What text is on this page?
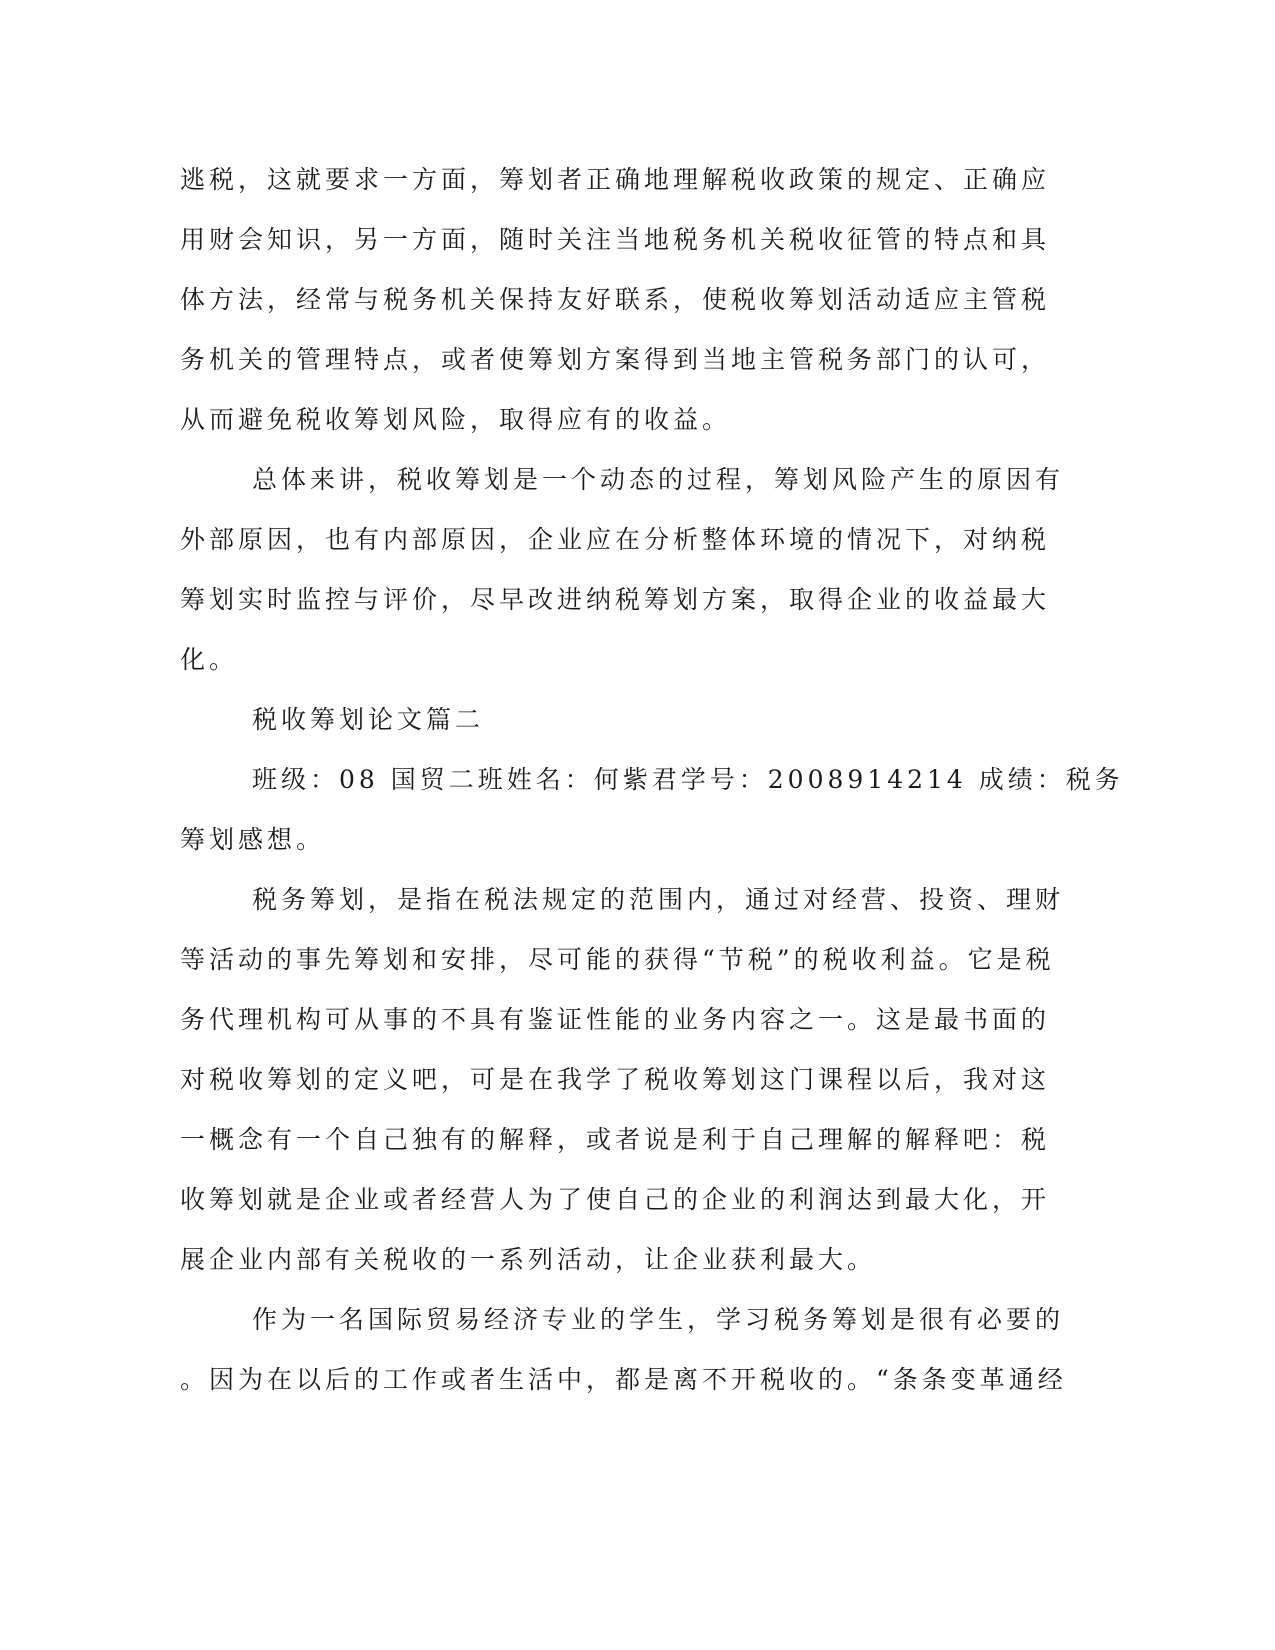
逃税，这就要求一方面，筹划者正确地理解税收政策的规定、正确应
用财会知识，另一方面，随时关注当地税务机关税收征管的特点和具
体方法，经常与税务机关保持友好联系，使税收筹划活动适应主管税
务机关的管理特点，或者使筹划方案得到当地主管税务部门的认可，
从而避免税收筹划风险，取得应有的收益。
总体来讲，税收筹划是一个动态的过程，筹划风险产生的原因有
外部原因，也有内部原因，企业应在分析整体环境的情况下，对纳税
筹划实时监控与评价，尽早改进纳税筹划方案，取得企业的收益最大
化。
税收筹划论文篇二
班级：08 国贸二班姓名：何紫君学号：2008914214 成绩：税务
筹划感想。
税务筹划，是指在税法规定的范围内，通过对经营、投资、理财
等活动的事先筹划和安排，尽可能的获得“节税”的税收利益。它是税
务代理机构可从事的不具有鉴证性能的业务内容之一。这是最书面的
对税收筹划的定义吧，可是在我学了税收筹划这门课程以后，我对这
一概念有一个自己独有的解释，或者说是利于自己理解的解释吧：税
收筹划就是企业或者经营人为了使自己的企业的利润达到最大化，开
展企业内部有关税收的一系列活动，让企业获利最大。
作为一名国际贸易经济专业的学生，学习税务筹划是很有必要的
。因为在以后的工作或者生活中，都是离不开税收的。“条条变革通经
